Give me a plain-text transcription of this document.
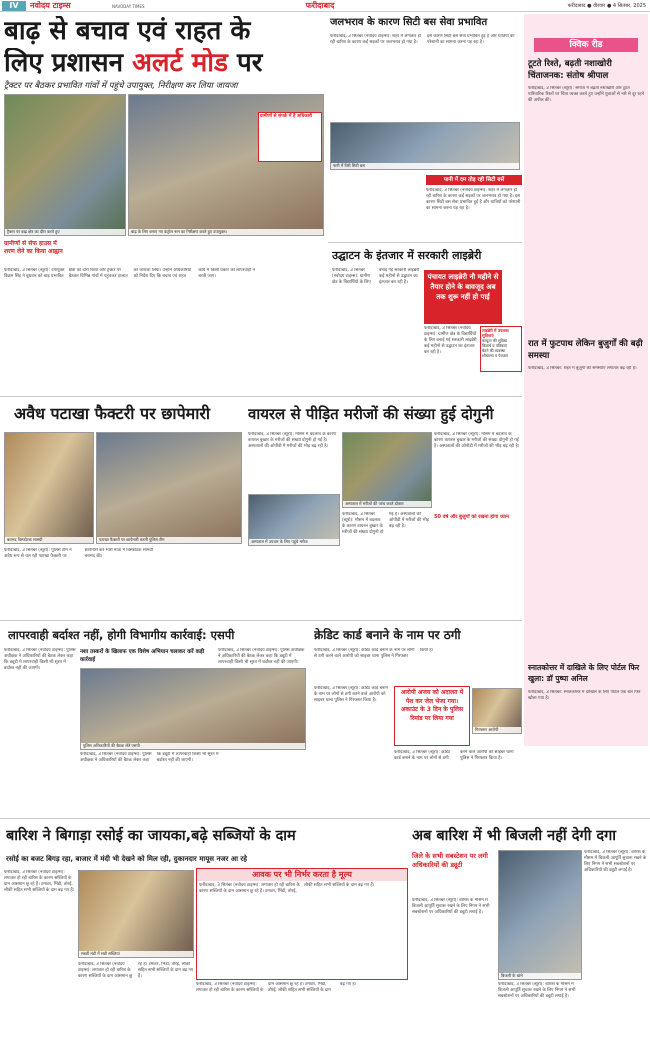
IV	नवोदय टाइम्स	NAVODAY TIMES	फरीदाबाद	फरीदाबाद ● वीरवार ● 4 सितंबर, 2025
बाढ़ से बचाव एवं राहत के
लिए प्रशासन अलर्ट मोड पर
ट्रैक्टर पर बैठकर प्रभावित गांवों में पहुंचे उपायुक्त, निरीक्षण कर लिया जायजा
ट्रैक्टर पर बाढ़ क्षेत्र का दौरा करते हुए	बाढ़ के लिए बनाए गए कंट्रोल रूम का निरीक्षण करते हुए उपायुक्त।
ग्रामीणों से संपर्क में हैं अधिकारी
ग्रामीणों से सेफ हाउस में शरण लेने का किया आह्वान
फरीदाबाद, 3 सितंबर (ब्यूरो): उपायुक्त विक्रम सिंह ने बुधवार को बाढ़ प्रभावित क्षेत्रों का दौरा किया और ट्रैक्टर पर बैठकर विभिन्न गांवों में पहुंचकर हालात का जायजा लिया। उन्होंने अधिकारियों को निर्देश दिए कि बचाव एवं राहत कार्य में किसी प्रकार की लापरवाही न बरती जाए।
जलभराव के कारण सिटी बस सेवा प्रभावित
फरीदाबाद, 3 सितंबर (नवोदय टाइम्स): शहर में लगातार हो रही बारिश के कारण कई सड़कों पर जलभराव हो गया है। इस कारण सिटी बस सेवा प्रभावित हुई है और यात्रियों को परेशानी का सामना करना पड़ रहा है।
पानी में घिरी सिटी बस
पानी में दम तोड़ रही सिटी बसें
फरीदाबाद, 3 सितंबर (नवोदय टाइम्स): शहर में लगातार हो रही बारिश के कारण कई सड़कों पर जलभराव हो गया है। इस कारण सिटी बस सेवा प्रभावित हुई है और यात्रियों को परेशानी का सामना करना पड़ रहा है।
क्विक रीड
टूटते रिश्ते, बढ़ती नशाखोरी चिंताजनक: संतोष श्रीपाल
फरीदाबाद, 3 सितंबर (ब्यूरो): समाज में बढ़ती नशाखोरी और टूटते पारिवारिक रिश्तों पर चिंता व्यक्त करते हुए उन्होंने युवाओं से नशे से दूर रहने की अपील की।
रात में फुटपाथ लेकिन बुजुर्गों की बढ़ी समस्या
फरीदाबाद, 3 सितंबर: शहर में बुजुर्गों की समस्याएं लगातार बढ़ रही हैं।
स्नातकोत्तर में दाखिले के लिए पोर्टल फिर खुला: डॉ पुष्पा अनिल
फरीदाबाद, 3 सितंबर: स्नातकोत्तर में दाखिले के लिए पोर्टल एक बार फिर खोला गया है।
उद्घाटन के इंतजार में सरकारी लाइब्रेरी
फरीदाबाद, 3 सितंबर (नवोदय टाइम्स): ग्रामीण क्षेत्र के विद्यार्थियों के लिए बनाई गई सरकारी लाइब्रेरी कई महीनों से उद्घाटन का इंतजार कर रही है।
पंचायत लाइब्रेरी नौ महीने से तैयार होने के बावजूद अब तक शुरू नहीं हो पाई
लाइब्रेरी में उपलब्ध सुविधाएं
कंप्यूटर की सुविधा
किताबें व पत्रिकाएं
बैठने की व्यवस्था
शौचालय व पेयजल
फरीदाबाद, 3 सितंबर (नवोदय टाइम्स): ग्रामीण क्षेत्र के विद्यार्थियों के लिए बनाई गई सरकारी लाइब्रेरी कई महीनों से उद्घाटन का इंतजार कर रही है।
अवैध पटाखा फैक्टरी पर छापेमारी
बरामद विस्फोटक सामग्री	पटाखा फैक्टरी पर छापेमारी करती पुलिस टीम
फरीदाबाद, 3 सितंबर (ब्यूरो): पुलिस टीम ने अवैध रूप से चल रही पटाखा फैक्टरी पर छापेमारी कर भारी मात्रा में विस्फोटक सामग्री बरामद की।
वायरल से पीड़ित मरीजों की संख्या हुई दोगुनी
फरीदाबाद, 3 सितंबर (ब्यूरो): मौसम में बदलाव के कारण वायरल बुखार के मरीजों की संख्या दोगुनी हो गई है। अस्पतालों की ओपीडी में मरीजों की भीड़ बढ़ रही है।
अस्पताल में उपचार के लिए पहुंचे मरीज
अस्पताल में मरीजों की जांच करते डॉक्टर
फरीदाबाद, 3 सितंबर (ब्यूरो): मौसम में बदलाव के कारण वायरल बुखार के मरीजों की संख्या दोगुनी हो गई है। अस्पतालों की ओपीडी में मरीजों की भीड़ बढ़ रही है।
फरीदाबाद, 3 सितंबर (ब्यूरो): मौसम में बदलाव के कारण वायरल बुखार के मरीजों की संख्या दोगुनी हो गई है। अस्पतालों की ओपीडी में मरीजों की भीड़ बढ़ रही है।
50 वर्ष और बुजुर्गों को रखना होगा ध्यान
लापरवाही बर्दाश्त नहीं, होगी विभागीय कार्रवाई: एसपी
फरीदाबाद, 3 सितंबर (नवोदय टाइम्स): पुलिस अधीक्षक ने अधिकारियों की बैठक लेकर कहा कि ड्यूटी में लापरवाही किसी भी सूरत में बर्दाश्त नहीं की जाएगी।
नशा तस्करों के खिलाफ एक विशेष अभियान चलाकर करें कड़ी कार्रवाई
पुलिस अधिकारियों की बैठक लेते एसपी
फरीदाबाद, 3 सितंबर (नवोदय टाइम्स): पुलिस अधीक्षक ने अधिकारियों की बैठक लेकर कहा कि ड्यूटी में लापरवाही किसी भी सूरत में बर्दाश्त नहीं की जाएगी।
फरीदाबाद, 3 सितंबर (नवोदय टाइम्स): पुलिस अधीक्षक ने अधिकारियों की बैठक लेकर कहा कि ड्यूटी में लापरवाही किसी भी सूरत में बर्दाश्त नहीं की जाएगी।
क्रेडिट कार्ड बनाने के नाम पर ठगी
फरीदाबाद, 3 सितंबर (ब्यूरो): क्रेडिट कार्ड बनाने के नाम पर लोगों से ठगी करने वाले आरोपी को साइबर थाना पुलिस ने गिरफ्तार किया है।
आरोपी अजय को अदालत में पेश कर जेल भेजा गया। अकाउंट के 3 दिन के पुलिस रिमांड पर लिया गया
फरीदाबाद, 3 सितंबर (ब्यूरो): क्रेडिट कार्ड बनाने के नाम पर लोगों से ठगी करने वाले आरोपी को साइबर थाना पुलिस ने गिरफ्तार किया है।
गिरफ्तार आरोपी
फरीदाबाद, 3 सितंबर (ब्यूरो): क्रेडिट कार्ड बनाने के नाम पर लोगों से ठगी करने वाले आरोपी को साइबर थाना पुलिस ने गिरफ्तार किया है।
बारिश ने बिगाड़ा रसोई का जायका,बढ़े सब्जियों के दाम
रसोई का बजट बिगड़ रहा, बाजार में मंदी भी देखने को मिल रही, दुकानदार मायूस नजर आ रहे
फरीदाबाद, 3 सितंबर (नवोदय टाइम्स): लगातार हो रही बारिश के कारण सब्जियों के दाम आसमान छू रहे हैं। टमाटर, भिंडी, तोरई, लौकी सहित सभी सब्जियों के दाम बढ़ गए हैं।
सब्जी मंडी में रखी सब्जियां
फरीदाबाद, 3 सितंबर (नवोदय टाइम्स): लगातार हो रही बारिश के कारण सब्जियों के दाम आसमान छू रहे हैं। टमाटर, भिंडी, तोरई, लौकी सहित सभी सब्जियों के दाम बढ़ गए हैं।
आवक पर भी निर्भर करता है मूल्य
फरीदाबाद, 3 सितंबर (नवोदय टाइम्स): लगातार हो रही बारिश के कारण सब्जियों के दाम आसमान छू रहे हैं। टमाटर, भिंडी, तोरई, लौकी सहित सभी सब्जियों के दाम बढ़ गए हैं।
फरीदाबाद, 3 सितंबर (नवोदय टाइम्स): लगातार हो रही बारिश के कारण सब्जियों के दाम आसमान छू रहे हैं। टमाटर, भिंडी, तोरई, लौकी सहित सभी सब्जियों के दाम बढ़ गए हैं।
अब बारिश में भी बिजली नहीं देगी दगा
जिले के सभी सबस्टेशन पर लगी अधिकारियों की ड्यूटी
बिजली के खंभे
फरीदाबाद, 3 सितंबर (ब्यूरो): बारिश के मौसम में बिजली आपूर्ति सुचारू रखने के लिए निगम ने सभी सबस्टेशनों पर अधिकारियों की ड्यूटी लगाई है।
फरीदाबाद, 3 सितंबर (ब्यूरो): बारिश के मौसम में बिजली आपूर्ति सुचारू रखने के लिए निगम ने सभी सबस्टेशनों पर अधिकारियों की ड्यूटी लगाई है।
फरीदाबाद, 3 सितंबर (ब्यूरो): बारिश के मौसम में बिजली आपूर्ति सुचारू रखने के लिए निगम ने सभी सबस्टेशनों पर अधिकारियों की ड्यूटी लगाई है।
